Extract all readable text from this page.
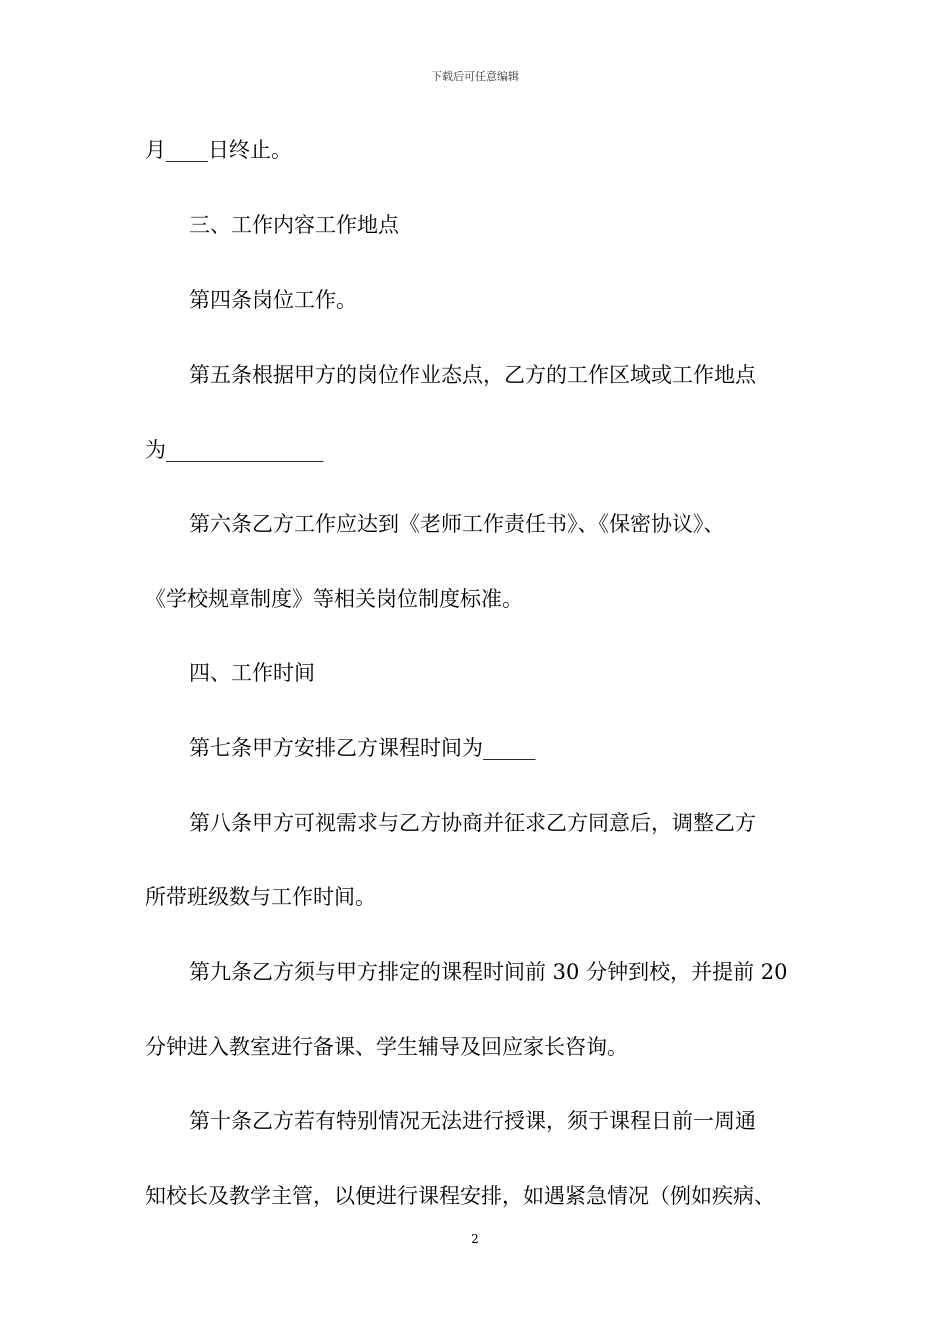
下载后可任意编辑
月____日终止。
三、工作内容工作地点
第四条岗位工作。
第五条根据甲方的岗位作业态点，乙方的工作区域或工作地点
为_______________
第六条乙方工作应达到《老师工作责任书》、《保密协议》、
《学校规章制度》等相关岗位制度标准。
四、工作时间
第七条甲方安排乙方课程时间为_____
第八条甲方可视需求与乙方协商并征求乙方同意后，调整乙方
所带班级数与工作时间。
第九条乙方须与甲方排定的课程时间前 30 分钟到校，并提前 20
分钟进入教室进行备课、学生辅导及回应家长咨询。
第十条乙方若有特别情况无法进行授课，须于课程日前一周通
知校长及教学主管，以便进行课程安排，如遇紧急情况（例如疾病、
2
